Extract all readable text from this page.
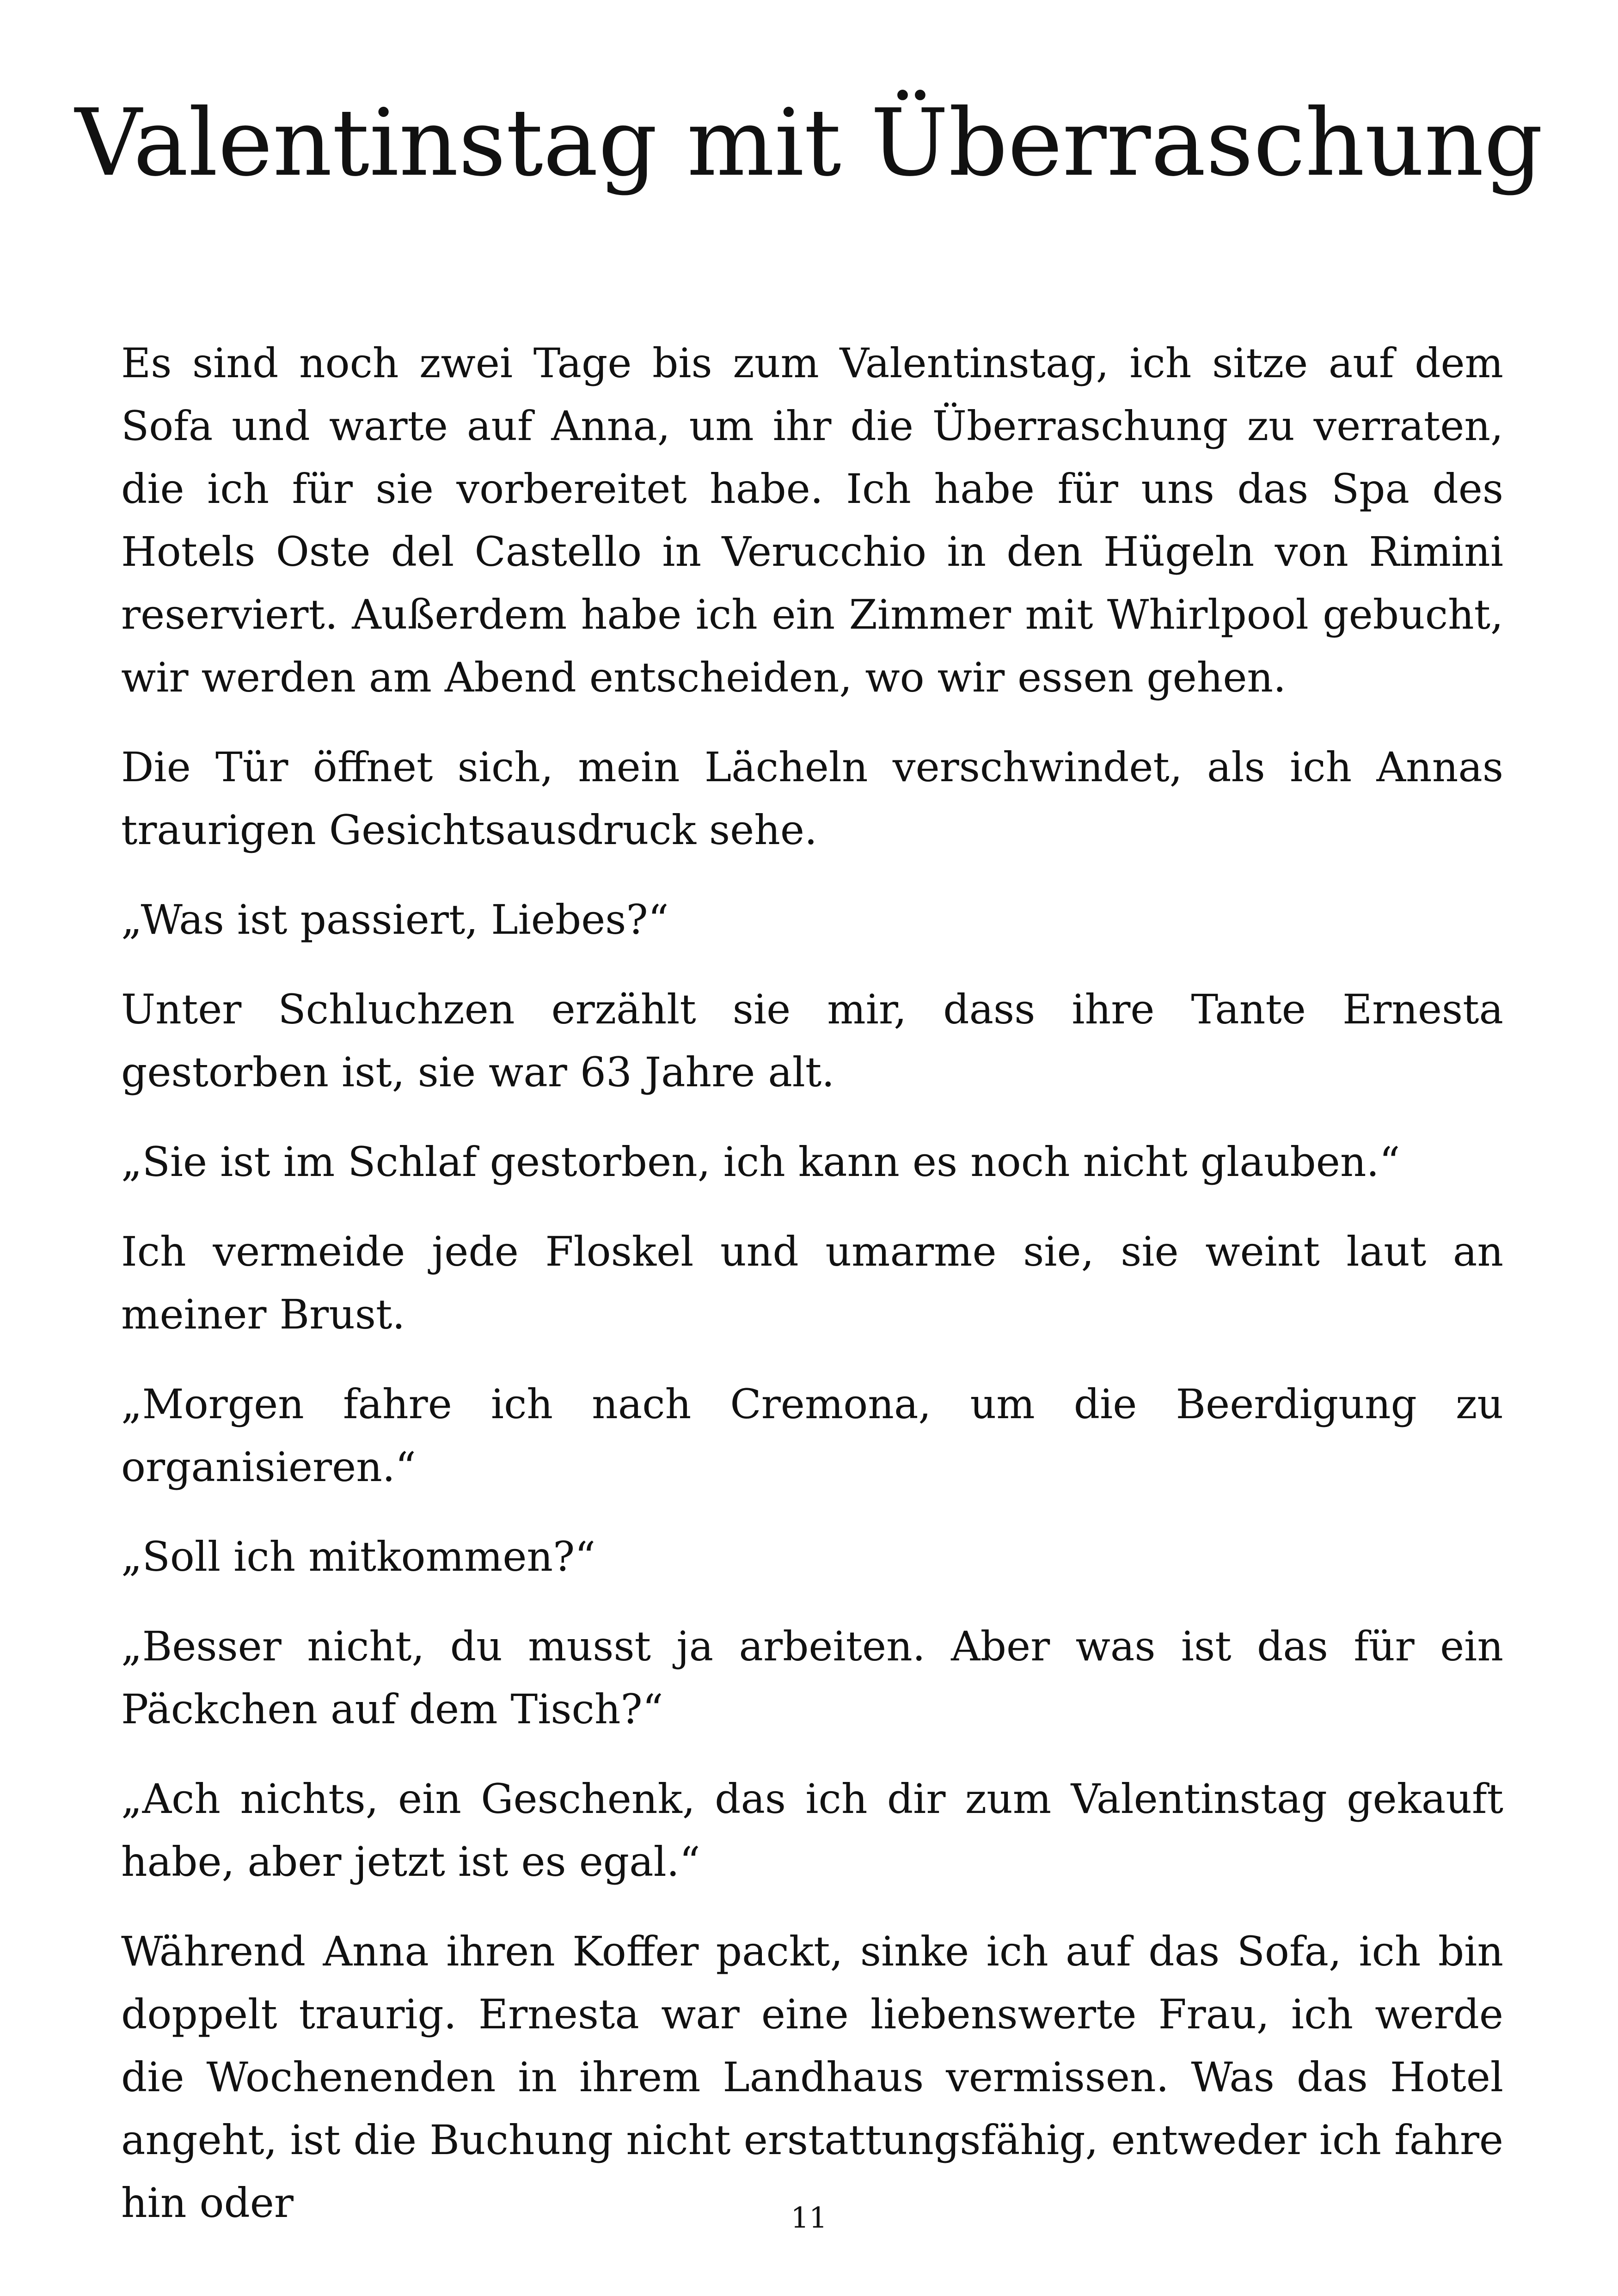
Valentinstag mit Überraschung

Es sind noch zwei Tage bis zum Valentinstag, ich sitze auf dem Sofa und warte auf Anna, um ihr die Überraschung zu verraten, die ich für sie vorbereitet habe. Ich habe für uns das Spa des Hotels Oste del Castello in Verucchio in den Hügeln von Rimini reserviert. Außerdem habe ich ein Zimmer mit Whirlpool gebucht, wir werden am Abend entscheiden, wo wir essen gehen.

Die Tür öffnet sich, mein Lächeln verschwindet, als ich Annas traurigen Gesichtsausdruck sehe.

„Was ist passiert, Liebes?“

Unter Schluchzen erzählt sie mir, dass ihre Tante Ernesta gestorben ist, sie war 63 Jahre alt.

„Sie ist im Schlaf gestorben, ich kann es noch nicht glauben.“

Ich vermeide jede Floskel und umarme sie, sie weint laut an meiner Brust.

„Morgen fahre ich nach Cremona, um die Beerdigung zu organisieren.“

„Soll ich mitkommen?“

„Besser nicht, du musst ja arbeiten. Aber was ist das für ein Päckchen auf dem Tisch?“

„Ach nichts, ein Geschenk, das ich dir zum Valentinstag gekauft habe, aber jetzt ist es egal.“

Während Anna ihren Koffer packt, sinke ich auf das Sofa, ich bin doppelt traurig. Ernesta war eine liebenswerte Frau, ich werde die Wochenenden in ihrem Landhaus vermissen. Was das Hotel angeht, ist die Buchung nicht erstattungsfähig, entweder ich fahre hin oder	11
